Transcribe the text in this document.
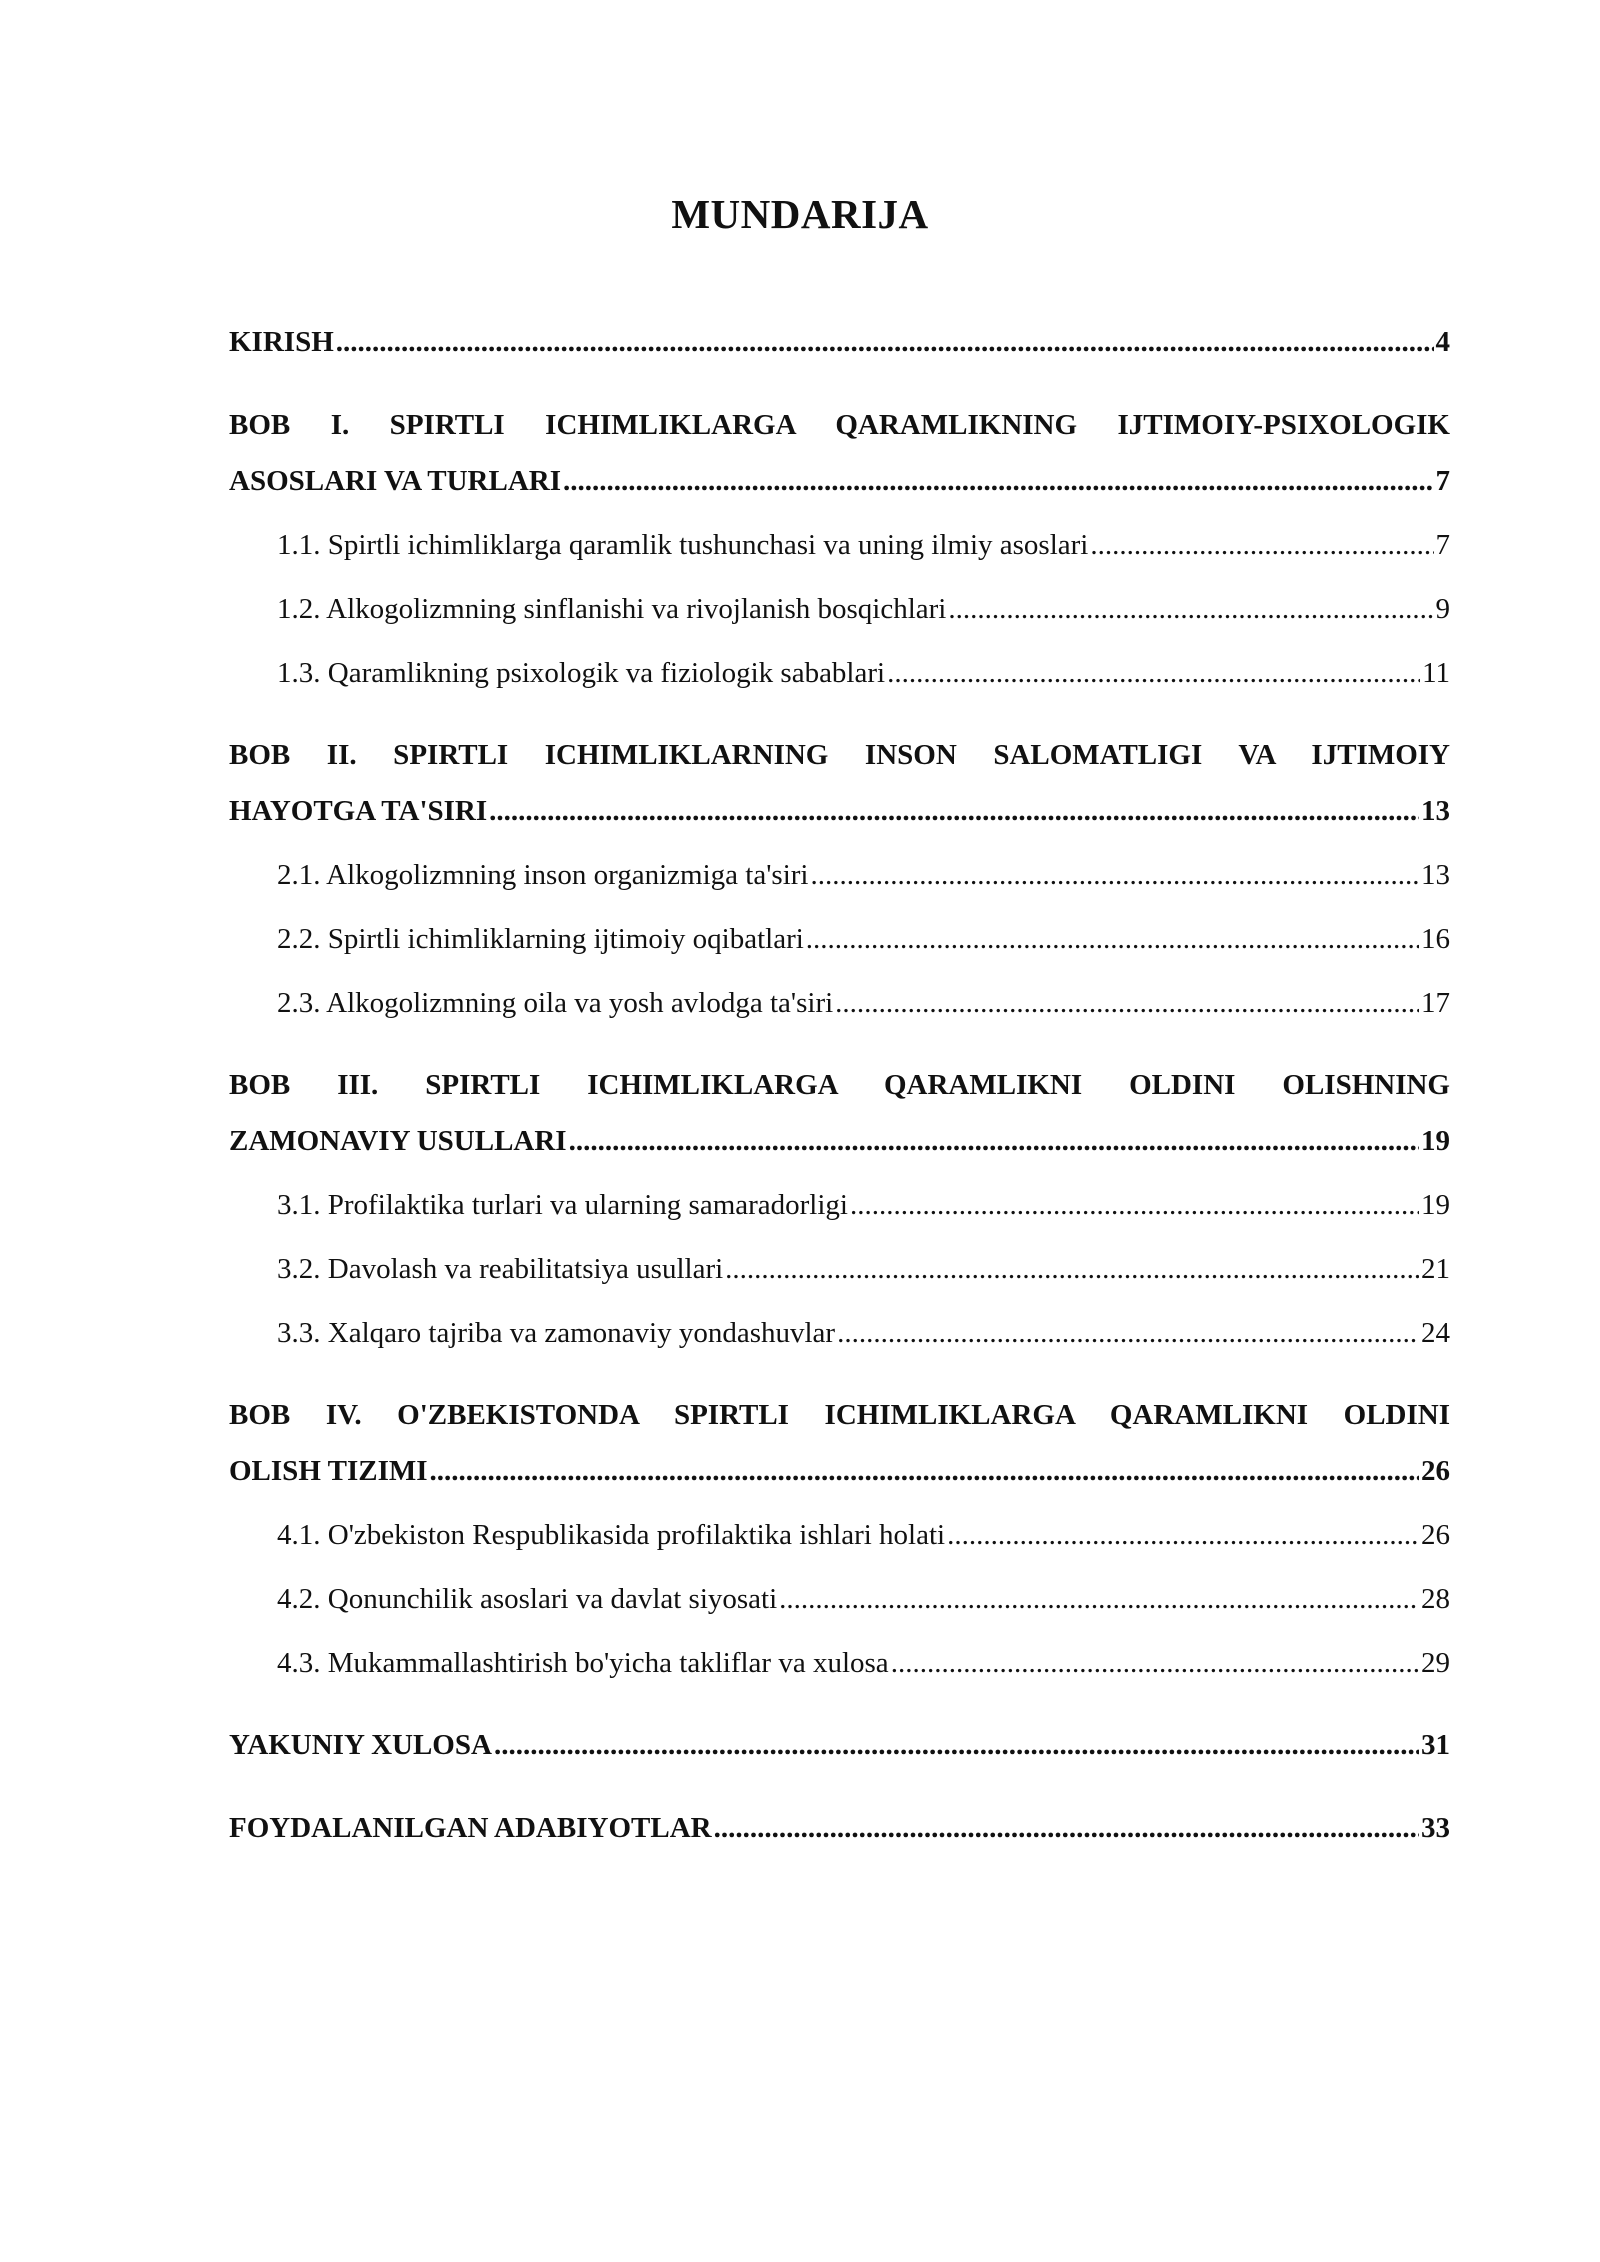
MUNDARIJA
KIRISH .....	4
BOB I. SPIRTLI ICHIMLIKLARGA QARAMLIKNING IJTIMOIY-PSIXOLOGIK
ASOSLARI VA TURLARI .....	7
1.1. Spirtli ichimliklarga qaramlik tushunchasi va uning ilmiy asoslari .....	7
1.2. Alkogolizmning sinflanishi va rivojlanish bosqichlari .....	9
1.3. Qaramlikning psixologik va fiziologik sabablari .....	11
BOB II. SPIRTLI ICHIMLIKLARNING INSON SALOMATLIGI VA IJTIMOIY
HAYOTGA TA'SIRI .....	13
2.1. Alkogolizmning inson organizmiga ta'siri .....	13
2.2. Spirtli ichimliklarning ijtimoiy oqibatlari .....	16
2.3. Alkogolizmning oila va yosh avlodga ta'siri .....	17
BOB III. SPIRTLI ICHIMLIKLARGA QARAMLIKNI OLDINI OLISHNING
ZAMONAVIY USULLARI .....	19
3.1. Profilaktika turlari va ularning samaradorligi .....	19
3.2. Davolash va reabilitatsiya usullari .....	21
3.3. Xalqaro tajriba va zamonaviy yondashuvlar .....	24
BOB IV. O'ZBEKISTONDA SPIRTLI ICHIMLIKLARGA QARAMLIKNI OLDINI
OLISH TIZIMI .....	26
4.1. O'zbekiston Respublikasida profilaktika ishlari holati .....	26
4.2. Qonunchilik asoslari va davlat siyosati .....	28
4.3. Mukammallashtirish bo'yicha takliflar va xulosa .....	29
YAKUNIY XULOSA .....	31
FOYDALANILGAN ADABIYOTLAR .....	33
